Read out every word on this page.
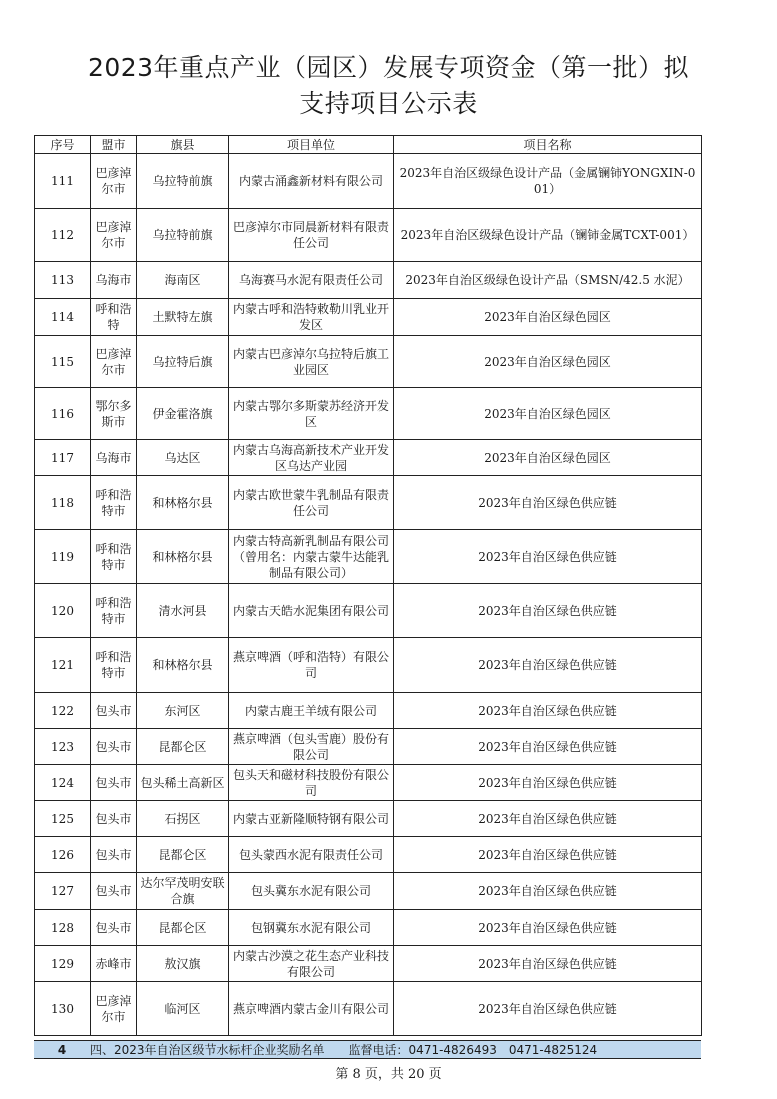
2023年重点产业（园区）发展专项资金（第一批）拟
支持项目公示表
序号	盟市	旗县	项目单位	项目名称
111	巴彦淖尔市	乌拉特前旗	内蒙古涌鑫新材料有限公司	2023年自治区级绿色设计产品（金属镧铈YONGXIN-001）
112	巴彦淖尔市	乌拉特前旗	巴彦淖尔市同晨新材料有限责任公司	2023年自治区级绿色设计产品（镧铈金属TCXT-001）
113	乌海市	海南区	乌海赛马水泥有限责任公司	2023年自治区级绿色设计产品（SMSN/42.5 水泥）
114	呼和浩特	土默特左旗	内蒙古呼和浩特敕勒川乳业开发区	2023年自治区绿色园区
115	巴彦淖尔市	乌拉特后旗	内蒙古巴彦淖尔乌拉特后旗工业园区	2023年自治区绿色园区
116	鄂尔多斯市	伊金霍洛旗	内蒙古鄂尔多斯蒙苏经济开发区	2023年自治区绿色园区
117	乌海市	乌达区	内蒙古乌海高新技术产业开发区乌达产业园	2023年自治区绿色园区
118	呼和浩特市	和林格尔县	内蒙古欧世蒙牛乳制品有限责任公司	2023年自治区绿色供应链
119	呼和浩特市	和林格尔县	内蒙古特高新乳制品有限公司（曾用名：内蒙古蒙牛达能乳制品有限公司）	2023年自治区绿色供应链
120	呼和浩特市	清水河县	内蒙古天皓水泥集团有限公司	2023年自治区绿色供应链
121	呼和浩特市	和林格尔县	燕京啤酒（呼和浩特）有限公司	2023年自治区绿色供应链
122	包头市	东河区	内蒙古鹿王羊绒有限公司	2023年自治区绿色供应链
123	包头市	昆都仑区	燕京啤酒（包头雪鹿）股份有限公司	2023年自治区绿色供应链
124	包头市	包头稀土高新区	包头天和磁材科技股份有限公司	2023年自治区绿色供应链
125	包头市	石拐区	内蒙古亚新隆顺特钢有限公司	2023年自治区绿色供应链
126	包头市	昆都仑区	包头蒙西水泥有限责任公司	2023年自治区绿色供应链
127	包头市	达尔罕茂明安联合旗	包头冀东水泥有限公司	2023年自治区绿色供应链
128	包头市	昆都仑区	包钢冀东水泥有限公司	2023年自治区绿色供应链
129	赤峰市	敖汉旗	内蒙古沙漠之花生态产业科技有限公司	2023年自治区绿色供应链
130	巴彦淖尔市	临河区	燕京啤酒内蒙古金川有限公司	2023年自治区绿色供应链
4	四、2023年自治区级节水标杆企业奖励名单 监督电话：0471-4826493　0471-4825124
第 8 页，共 20 页
